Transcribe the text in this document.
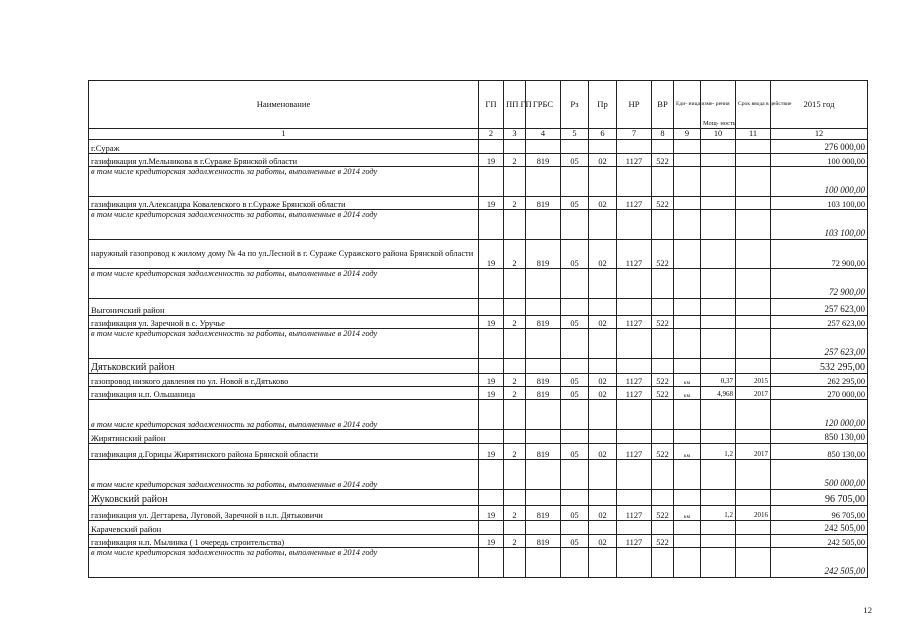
Наименование	ГП	ПП ГП	ГРБС	Рз	Пр	НР	ВР	Еди- ница изме- рения	Мощ- ность	Срок ввода в действие	2015 год
1	2	3	4	5	6	7	8	9	10	11	12
г.Сураж											276 000,00
газификация ул.Мельникова в г.Сураже Брянской области	19	2	819	05	02	1127	522				100 000,00
в том числе кредиторская задолженность за работы, выполненные в 2014 году											100 000,00
газификация ул.Александра Ковалевского в г.Сураже Брянской области	19	2	819	05	02	1127	522				103 100,00
в том числе кредиторская задолженность за работы, выполненные в 2014 году											103 100,00
наружный газопровод к жилому дому № 4а по ул.Лесной в г. Сураже Суражского района Брянской области	19	2	819	05	02	1127	522				72 900,00
в том числе кредиторская задолженность за работы, выполненные в 2014 году											72 900,00
Выгоничский район											257 623,00
газификация ул. Заречной в с. Уручье	19	2	819	05	02	1127	522				257 623,00
в том числе кредиторская задолженность за работы, выполненные в 2014 году											257 623,00
Дятьковский район											532 295,00
газопровод низкого давления по ул. Новой в г.Дятьково	19	2	819	05	02	1127	522	км	0,37	2015	262 295,00
газификация н.п. Ольшаница	19	2	819	05	02	1127	522	км	4,968	2017	270 000,00
в том числе кредиторская задолженность за работы, выполненные в 2014 году											120 000,00
Жирятинский район											850 130,00
газификация д.Горицы Жирятинского района Брянской области	19	2	819	05	02	1127	522	км	1,2	2017	850 130,00
в том числе кредиторская задолженность за работы, выполненные в 2014 году											500 000,00
Жуковский район											96 705,00
газификация ул. Дегтарева, Луговой, Заречной в н.п. Дятьковичи	19	2	819	05	02	1127	522	км	1,2	2016	96 705,00
Карачевский район											242 505,00
газификация н.п. Мылинка ( 1 очередь строительства)	19	2	819	05	02	1127	522				242 505,00
в том числе кредиторская задолженность за работы, выполненные в 2014 году											242 505,00
12
